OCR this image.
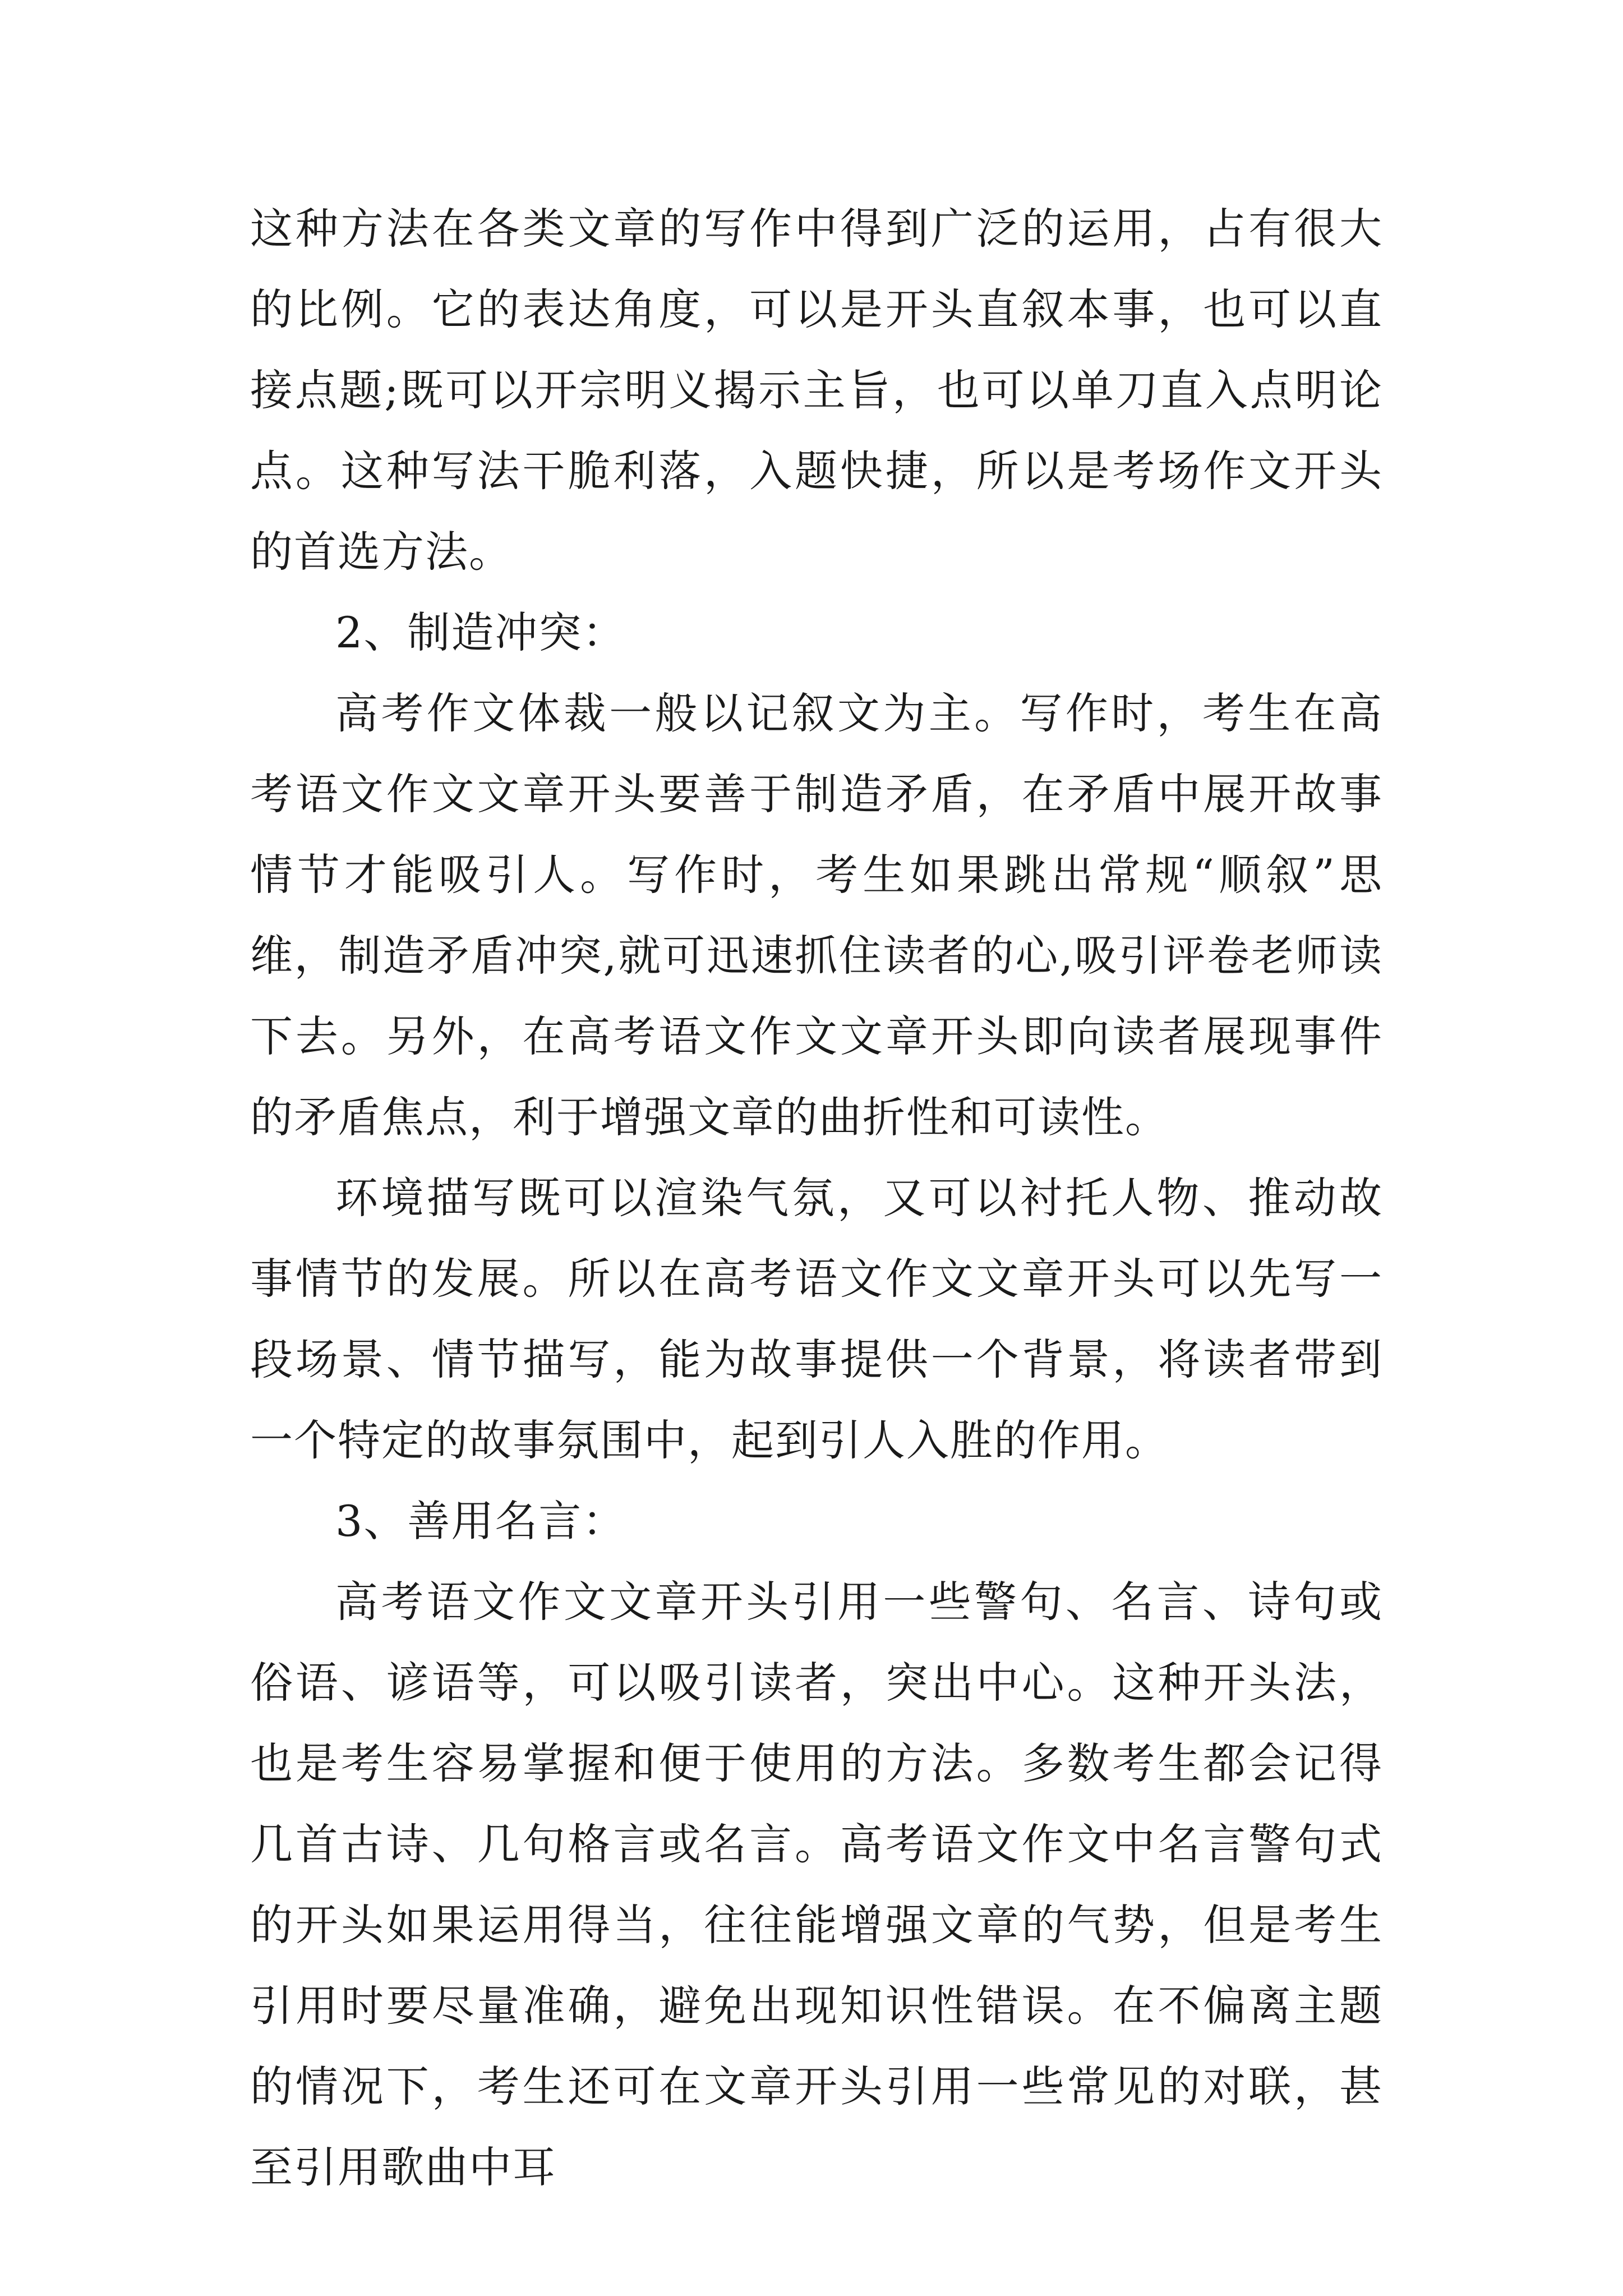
这种方法在各类文章的写作中得到广泛的运用，占有很大的比例。它的表达角度，可以是开头直叙本事，也可以直接点题;既可以开宗明义揭示主旨，也可以单刀直入点明论点。这种写法干脆利落，入题快捷，所以是考场作文开头的首选方法。

2、制造冲突：

高考作文体裁一般以记叙文为主。写作时，考生在高考语文作文文章开头要善于制造矛盾，在矛盾中展开故事情节才能吸引人。写作时，考生如果跳出常规“顺叙”思维，制造矛盾冲突,就可迅速抓住读者的心,吸引评卷老师读下去。另外，在高考语文作文文章开头即向读者展现事件的矛盾焦点，利于增强文章的曲折性和可读性。

环境描写既可以渲染气氛，又可以衬托人物、推动故事情节的发展。所以在高考语文作文文章开头可以先写一段场景、情节描写，能为故事提供一个背景，将读者带到一个特定的故事氛围中，起到引人入胜的作用。

3、善用名言：

高考语文作文文章开头引用一些警句、名言、诗句或俗语、谚语等，可以吸引读者，突出中心。这种开头法，也是考生容易掌握和便于使用的方法。多数考生都会记得几首古诗、几句格言或名言。高考语文作文中名言警句式的开头如果运用得当，往往能增强文章的气势，但是考生引用时要尽量准确，避免出现知识性错误。在不偏离主题的情况下，考生还可在文章开头引用一些常见的对联，甚至引用歌曲中耳
